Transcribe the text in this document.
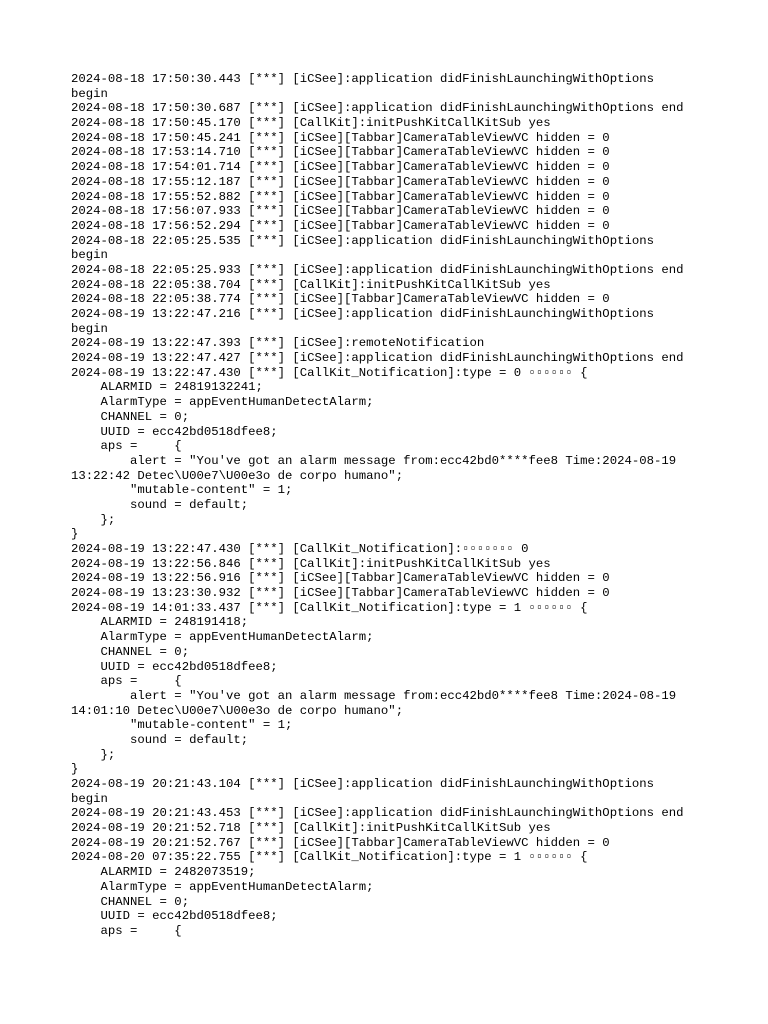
2024-08-18 17:50:30.443 [***] [iCSee]:application didFinishLaunchingWithOptions
begin
2024-08-18 17:50:30.687 [***] [iCSee]:application didFinishLaunchingWithOptions end
2024-08-18 17:50:45.170 [***] [CallKit]:initPushKitCallKitSub yes
2024-08-18 17:50:45.241 [***] [iCSee][Tabbar]CameraTableViewVC hidden = 0
2024-08-18 17:53:14.710 [***] [iCSee][Tabbar]CameraTableViewVC hidden = 0
2024-08-18 17:54:01.714 [***] [iCSee][Tabbar]CameraTableViewVC hidden = 0
2024-08-18 17:55:12.187 [***] [iCSee][Tabbar]CameraTableViewVC hidden = 0
2024-08-18 17:55:52.882 [***] [iCSee][Tabbar]CameraTableViewVC hidden = 0
2024-08-18 17:56:07.933 [***] [iCSee][Tabbar]CameraTableViewVC hidden = 0
2024-08-18 17:56:52.294 [***] [iCSee][Tabbar]CameraTableViewVC hidden = 0
2024-08-18 22:05:25.535 [***] [iCSee]:application didFinishLaunchingWithOptions
begin
2024-08-18 22:05:25.933 [***] [iCSee]:application didFinishLaunchingWithOptions end
2024-08-18 22:05:38.704 [***] [CallKit]:initPushKitCallKitSub yes
2024-08-18 22:05:38.774 [***] [iCSee][Tabbar]CameraTableViewVC hidden = 0
2024-08-19 13:22:47.216 [***] [iCSee]:application didFinishLaunchingWithOptions
begin
2024-08-19 13:22:47.393 [***] [iCSee]:remoteNotification
2024-08-19 13:22:47.427 [***] [iCSee]:application didFinishLaunchingWithOptions end
2024-08-19 13:22:47.430 [***] [CallKit_Notification]:type = 0 ▫▫▫▫▫▫ {
ALARMID = 24819132241;
AlarmType = appEventHumanDetectAlarm;
CHANNEL = 0;
UUID = ecc42bd0518dfee8;
aps =     {
alert = "You've got an alarm message from:ecc42bd0****fee8 Time:2024-08-19
13:22:42 Detec\U00e7\U00e3o de corpo humano";
"mutable-content" = 1;
sound = default;
};
}
2024-08-19 13:22:47.430 [***] [CallKit_Notification]:▫▫▫▫▫▫▫ 0
2024-08-19 13:22:56.846 [***] [CallKit]:initPushKitCallKitSub yes
2024-08-19 13:22:56.916 [***] [iCSee][Tabbar]CameraTableViewVC hidden = 0
2024-08-19 13:23:30.932 [***] [iCSee][Tabbar]CameraTableViewVC hidden = 0
2024-08-19 14:01:33.437 [***] [CallKit_Notification]:type = 1 ▫▫▫▫▫▫ {
ALARMID = 248191418;
AlarmType = appEventHumanDetectAlarm;
CHANNEL = 0;
UUID = ecc42bd0518dfee8;
aps =     {
alert = "You've got an alarm message from:ecc42bd0****fee8 Time:2024-08-19
14:01:10 Detec\U00e7\U00e3o de corpo humano";
"mutable-content" = 1;
sound = default;
};
}
2024-08-19 20:21:43.104 [***] [iCSee]:application didFinishLaunchingWithOptions
begin
2024-08-19 20:21:43.453 [***] [iCSee]:application didFinishLaunchingWithOptions end
2024-08-19 20:21:52.718 [***] [CallKit]:initPushKitCallKitSub yes
2024-08-19 20:21:52.767 [***] [iCSee][Tabbar]CameraTableViewVC hidden = 0
2024-08-20 07:35:22.755 [***] [CallKit_Notification]:type = 1 ▫▫▫▫▫▫ {
ALARMID = 2482073519;
AlarmType = appEventHumanDetectAlarm;
CHANNEL = 0;
UUID = ecc42bd0518dfee8;
aps =     {
